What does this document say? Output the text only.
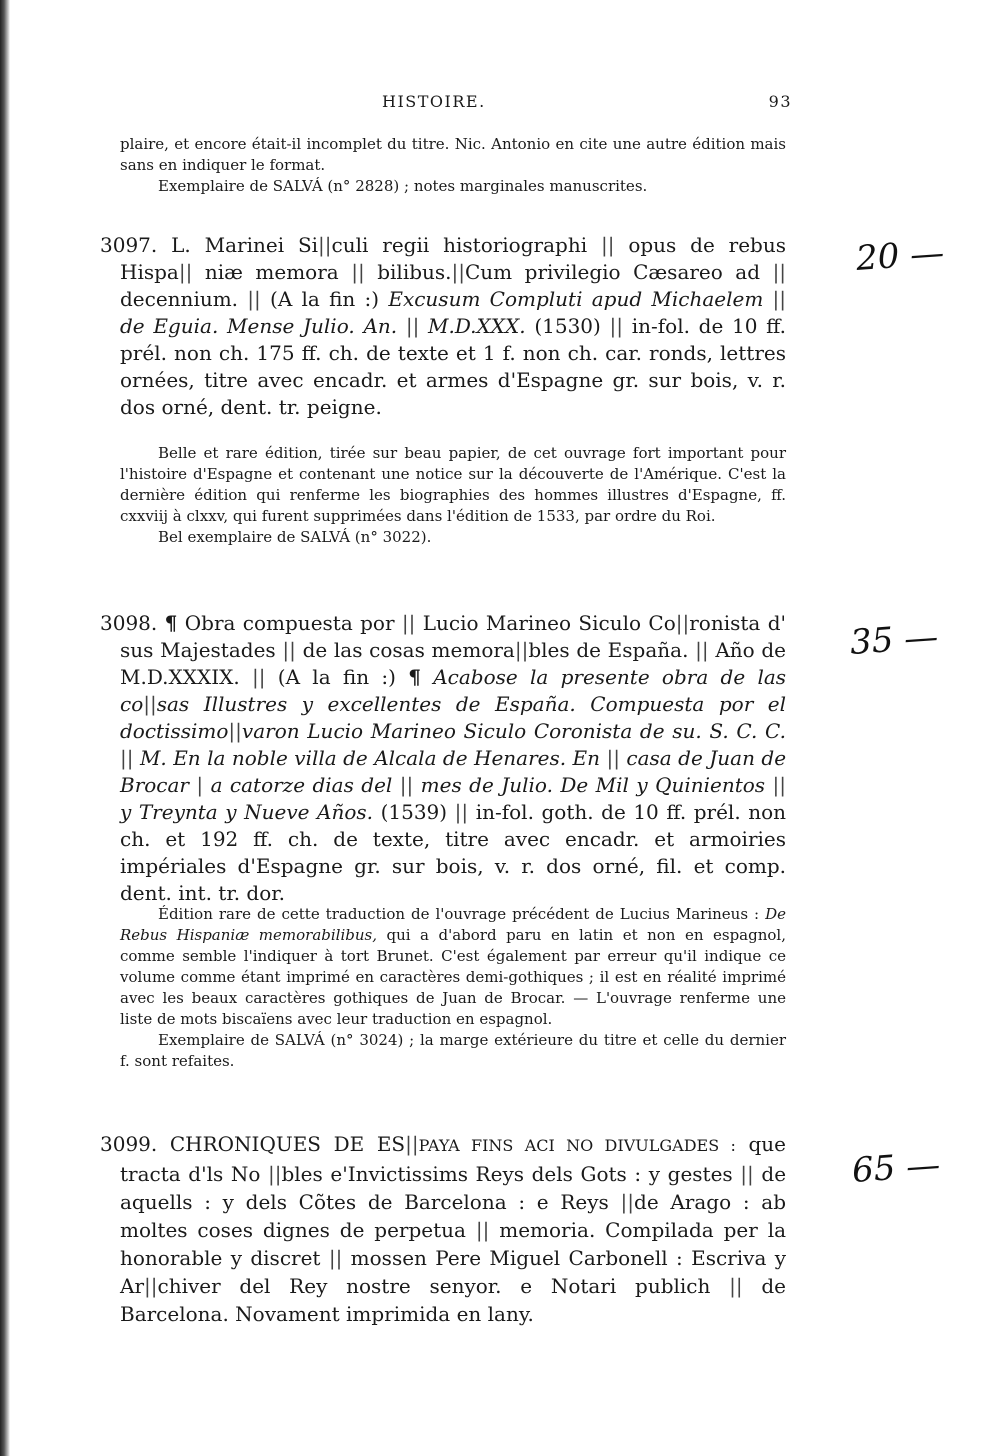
HISTOIRE.	93

plaire, et encore était-il incomplet du titre. Nic. Antonio en cite une autre édition mais sans en indiquer le format.

Exemplaire de SALVÁ (n° 2828) ; notes marginales manuscrites.

3097. L. Marinei Si||culi regii historiographi || opus de rebus Hispa|| niæ memora || bilibus.||Cum privilegio Cæsareo ad || decennium. || (A la fin :) Excusum Compluti apud Michaelem || de Eguia. Mense Julio. An. || M.D.XXX. (1530) || in-fol. de 10 ff. prél. non ch. 175 ff. ch. de texte et 1 f. non ch. car. ronds, lettres ornées, titre avec encadr. et armes d'Espagne gr. sur bois, v. r. dos orné, dent. tr. peigne.

Belle et rare édition, tirée sur beau papier, de cet ouvrage fort important pour l'histoire d'Espagne et contenant une notice sur la découverte de l'Amérique. C'est la dernière édition qui renferme les biographies des hommes illustres d'Espagne, ff. cxxviij à clxxv, qui furent supprimées dans l'édition de 1533, par ordre du Roi.

Bel exemplaire de SALVÁ (n° 3022).

20 —

3098. ¶ Obra compuesta por || Lucio Marineo Siculo Co||ronista d' sus Majestades || de las cosas memora||bles de España. || Año de M.D.XXXIX. || (A la fin :) ¶ Acabose la presente obra de las co||sas Illustres y excellentes de España. Compuesta por el doctissimo||varon Lucio Marineo Siculo Coronista de su. S. C. C. || M. En la noble villa de Alcala de Henares. En || casa de Juan de Brocar | a catorze dias del || mes de Julio. De Mil y Quinientos || y Treynta y Nueve Años. (1539) || in-fol. goth. de 10 ff. prél. non ch. et 192 ff. ch. de texte, titre avec encadr. et armoiries impériales d'Espagne gr. sur bois, v. r. dos orné, fil. et comp. dent. int. tr. dor.

Édition rare de cette traduction de l'ouvrage précédent de Lucius Marineus : De Rebus Hispaniæ memorabilibus, qui a d'abord paru en latin et non en espagnol, comme semble l'indiquer à tort Brunet. C'est également par erreur qu'il indique ce volume comme étant imprimé en caractères demi-gothiques ; il est en réalité imprimé avec les beaux caractères gothiques de Juan de Brocar. — L'ouvrage renferme une liste de mots biscaïens avec leur traduction en espagnol.

Exemplaire de SALVÁ (n° 3024) ; la marge extérieure du titre et celle du dernier f. sont refaites.

35 —

3099. CHRONIQUES DE ES||PAYA FINS ACI NO DIVULGADES : que tracta d'ls No ||bles e'Invictissims Reys dels Gots : y gestes || de aquells : y dels Cõtes de Barcelona : e Reys ||de Arago : ab moltes coses dignes de perpetua || memoria. Compilada per la honorable y discret || mossen Pere Miguel Carbonell : Escriva y Ar||chiver del Rey nostre senyor. e Notari publich || de Barcelona. Novament imprimida en lany.

65 —
